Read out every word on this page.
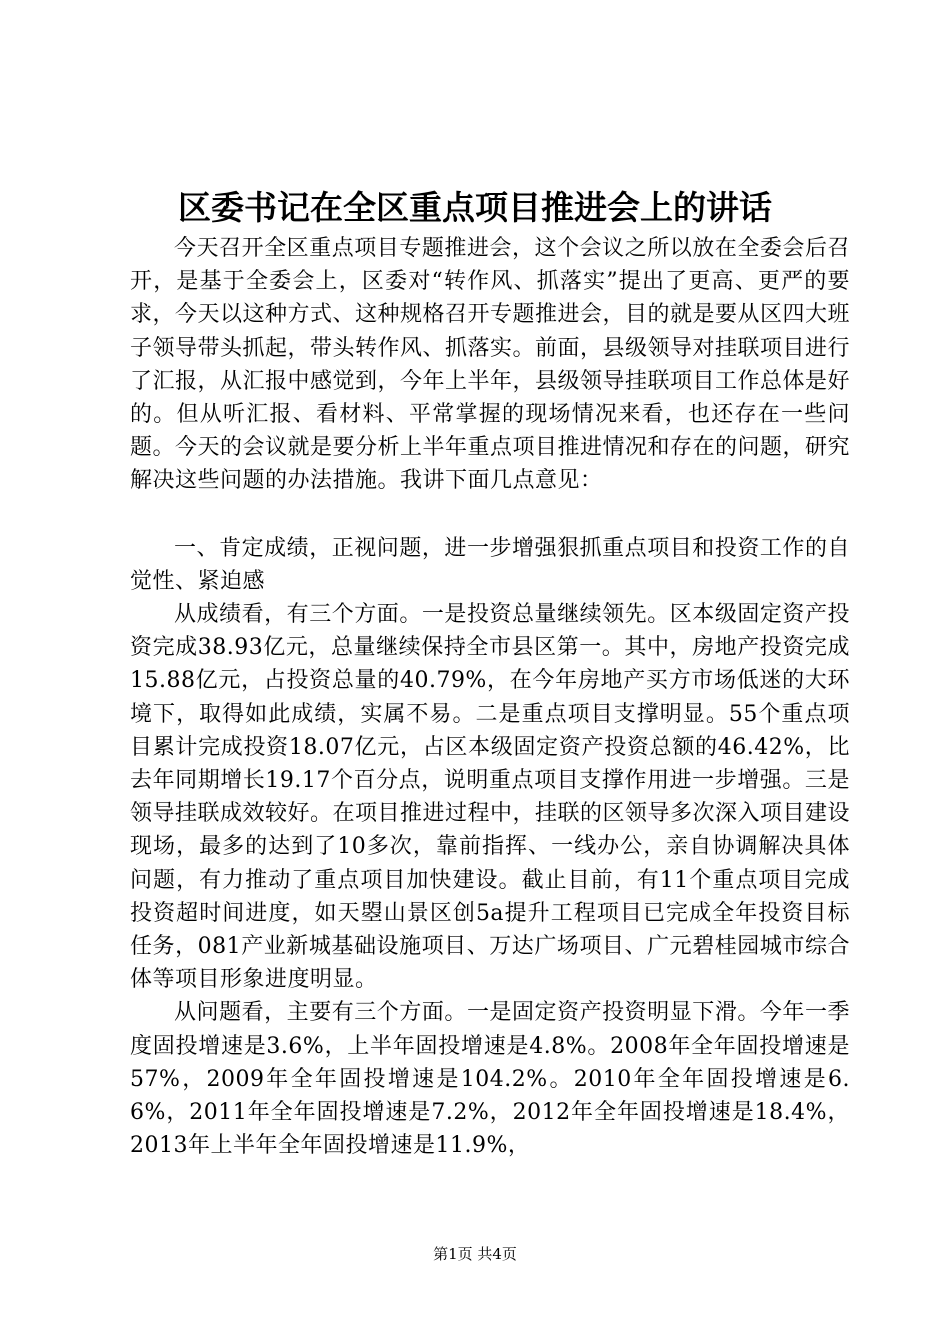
区委书记在全区重点项目推进会上的讲话

今天召开全区重点项目专题推进会，这个会议之所以放在全委会后召开，是基于全委会上，区委对“转作风、抓落实”提出了更高、更严的要求，今天以这种方式、这种规格召开专题推进会，目的就是要从区四大班子领导带头抓起，带头转作风、抓落实。前面，县级领导对挂联项目进行了汇报，从汇报中感觉到，今年上半年，县级领导挂联项目工作总体是好的。但从听汇报、看材料、平常掌握的现场情况来看，也还存在一些问题。今天的会议就是要分析上半年重点项目推进情况和存在的问题，研究解决这些问题的办法措施。我讲下面几点意见：

一、肯定成绩，正视问题，进一步增强狠抓重点项目和投资工作的自觉性、紧迫感

从成绩看，有三个方面。一是投资总量继续领先。区本级固定资产投资完成38.93亿元，总量继续保持全市县区第一。其中，房地产投资完成15.88亿元，占投资总量的40.79%，在今年房地产买方市场低迷的大环境下，取得如此成绩，实属不易。二是重点项目支撑明显。55个重点项目累计完成投资18.07亿元，占区本级固定资产投资总额的46.42%，比去年同期增长19.17个百分点，说明重点项目支撑作用进一步增强。三是领导挂联成效较好。在项目推进过程中，挂联的区领导多次深入项目建设现场，最多的达到了10多次，靠前指挥、一线办公，亲自协调解决具体问题，有力推动了重点项目加快建设。截止目前，有11个重点项目完成投资超时间进度，如天曌山景区创5a提升工程项目已完成全年投资目标任务，081产业新城基础设施项目、万达广场项目、广元碧桂园城市综合体等项目形象进度明显。

从问题看，主要有三个方面。一是固定资产投资明显下滑。今年一季度固投增速是3.6%，上半年固投增速是4.8%。2008年全年固投增速是57%，2009年全年固投增速是104.2%。2010年全年固投增速是6.6%，2011年全年固投增速是7.2%，2012年全年固投增速是18.4%，2013年上半年全年固投增速是11.9%，

第1页 共4页
